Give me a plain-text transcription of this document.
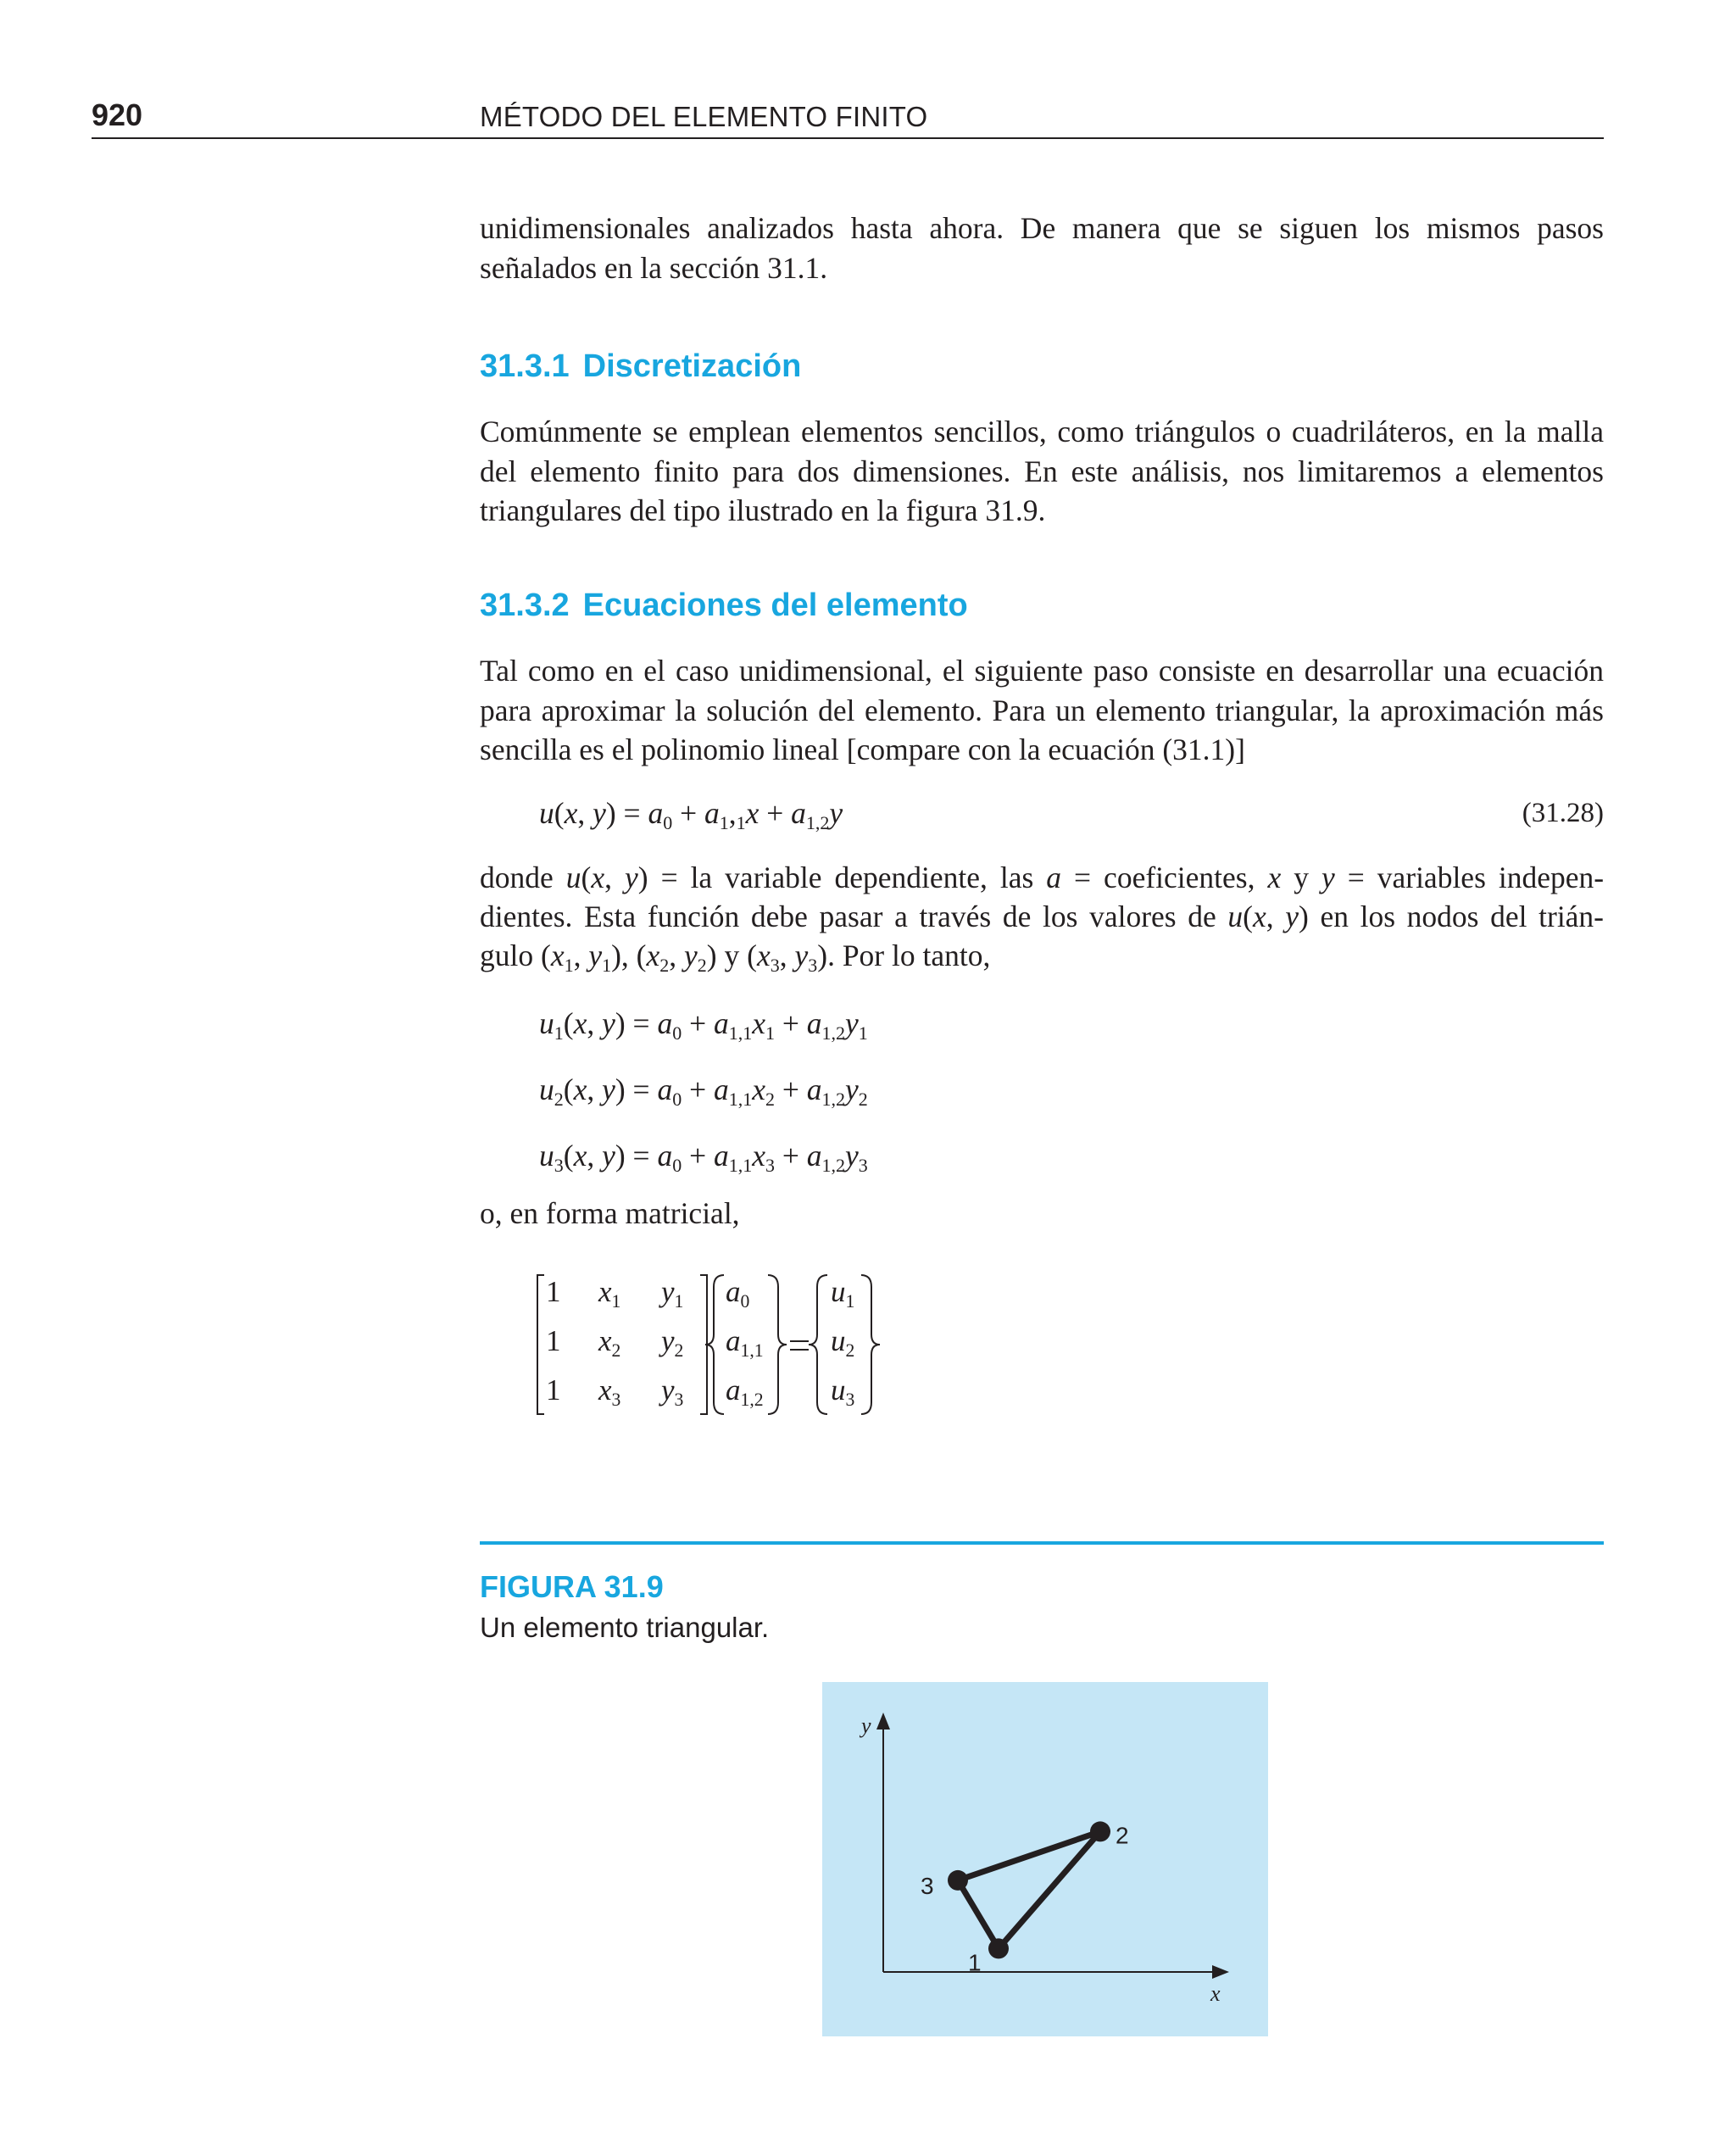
920	MÉTODO DEL ELEMENTO FINITO

unidimensionales analizados hasta ahora. De manera que se siguen los mismos pasos señalados en la sección 31.1.

31.3.1 Discretización

Comúnmente se emplean elementos sencillos, como triángulos o cuadriláteros, en la malla del elemento finito para dos dimensiones. En este análisis, nos limitaremos a elementos triangulares del tipo ilustrado en la figura 31.9.

31.3.2 Ecuaciones del elemento

Tal como en el caso unidimensional, el siguiente paso consiste en desarrollar una ecuación para aproximar la solución del elemento. Para un elemento triangular, la aproximación más sencilla es el polinomio lineal [compare con la ecuación (31.1)]

u(x, $y) = a_0 + a_1,_1x + a_{1,2}y$	(31.28)
donde u(x, y) = la variable dependiente, las a = coeficientes, x y y = variables indepen-
dientes. Esta función debe pasar a través de los valores de u(x, y) en los nodos del trián-
gulo ($x_1$, $y_1$), ($x_2$, $y_2$) y ($x_3$, $y_3$). Por lo tanto,
$u_1(x$, $y) = a_0 + a_{1,1}x_1 + a_{1,2}y_1$
$u_2(x$, $y) = a_0 + a_{1,1}x_2 + a_{1,2}y_2$
$u_3(x$, $y) = a_0 + a_{1,1}x_3 + a_{1,2}y_3$
o, en forma matricial,
1 $x_1$ $y_1$
1 $x_2$ $y_2$
1 $x_3$ $y_3$
$a_0$
$a_{1,1}$
$a_{1,2}$
$u_1$
$u_2$
$u_3$
FIGURA 31.9
Un elemento triangular.
y
x
1
2
3
